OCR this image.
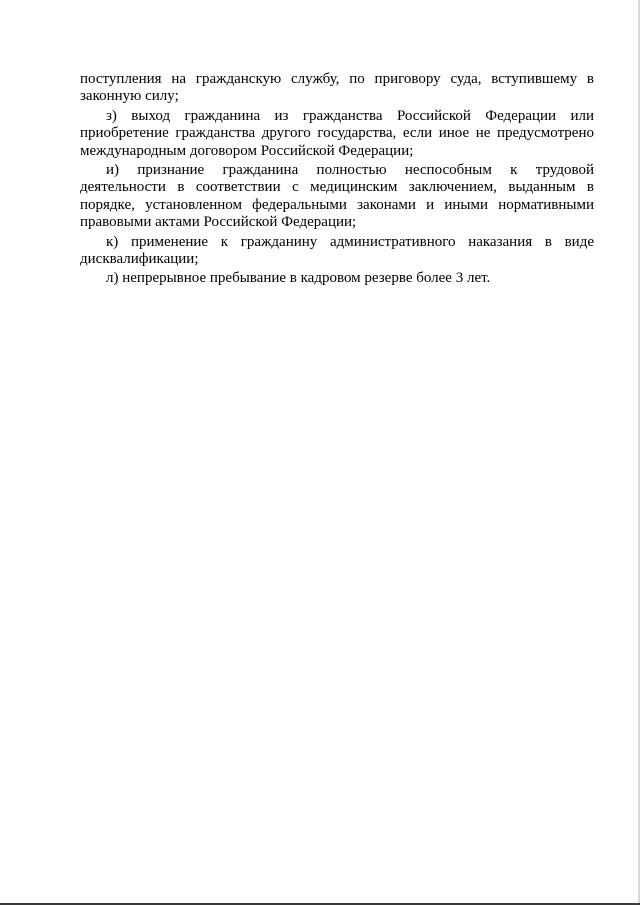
поступления на гражданскую службу, по приговору суда, вступившему в законную силу;

з) выход гражданина из гражданства Российской Федерации или приобретение гражданства другого государства, если иное не предусмотрено международным договором Российской Федерации;

и) признание гражданина полностью неспособным к трудовой деятельности в соответствии с медицинским заключением, выданным в порядке, установленном федеральными законами и иными нормативными правовыми актами Российской Федерации;

к) применение к гражданину административного наказания в виде дисквалификации;

л) непрерывное пребывание в кадровом резерве более 3 лет.
